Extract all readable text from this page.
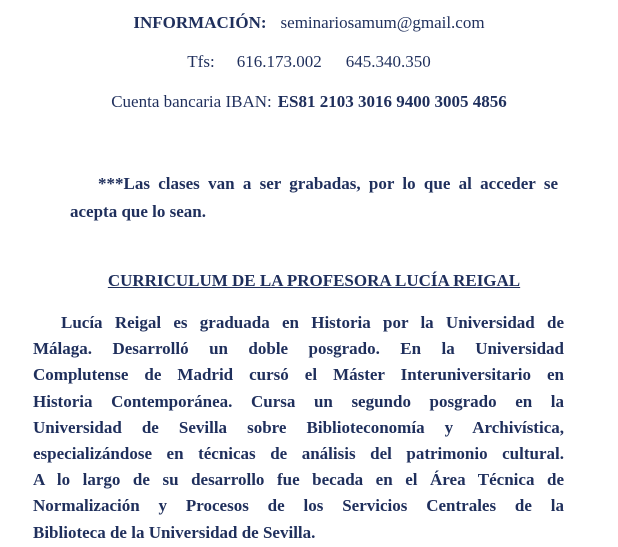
INFORMACIÓN: seminariosamum@gmail.com
Tfs: 616.173.002 645.340.350
Cuenta bancaria IBAN: ES81 2103 3016 9400 3005 4856
***Las clases van a ser grabadas, por lo que al acceder se acepta que lo sean.
CURRICULUM DE LA PROFESORA LUCÍA REIGAL
Lucía Reigal es graduada en Historia por la Universidad de
Málaga. Desarrolló un doble posgrado. En la Universidad
Complutense de Madrid cursó el Máster Interuniversitario en
Historia Contemporánea. Cursa un segundo posgrado en la
Universidad de Sevilla sobre Biblioteconomía y Archivística,
especializándose en técnicas de análisis del patrimonio cultural.
A lo largo de su desarrollo fue becada en el Área Técnica de
Normalización y Procesos de los Servicios Centrales de la
Biblioteca de la Universidad de Sevilla.
